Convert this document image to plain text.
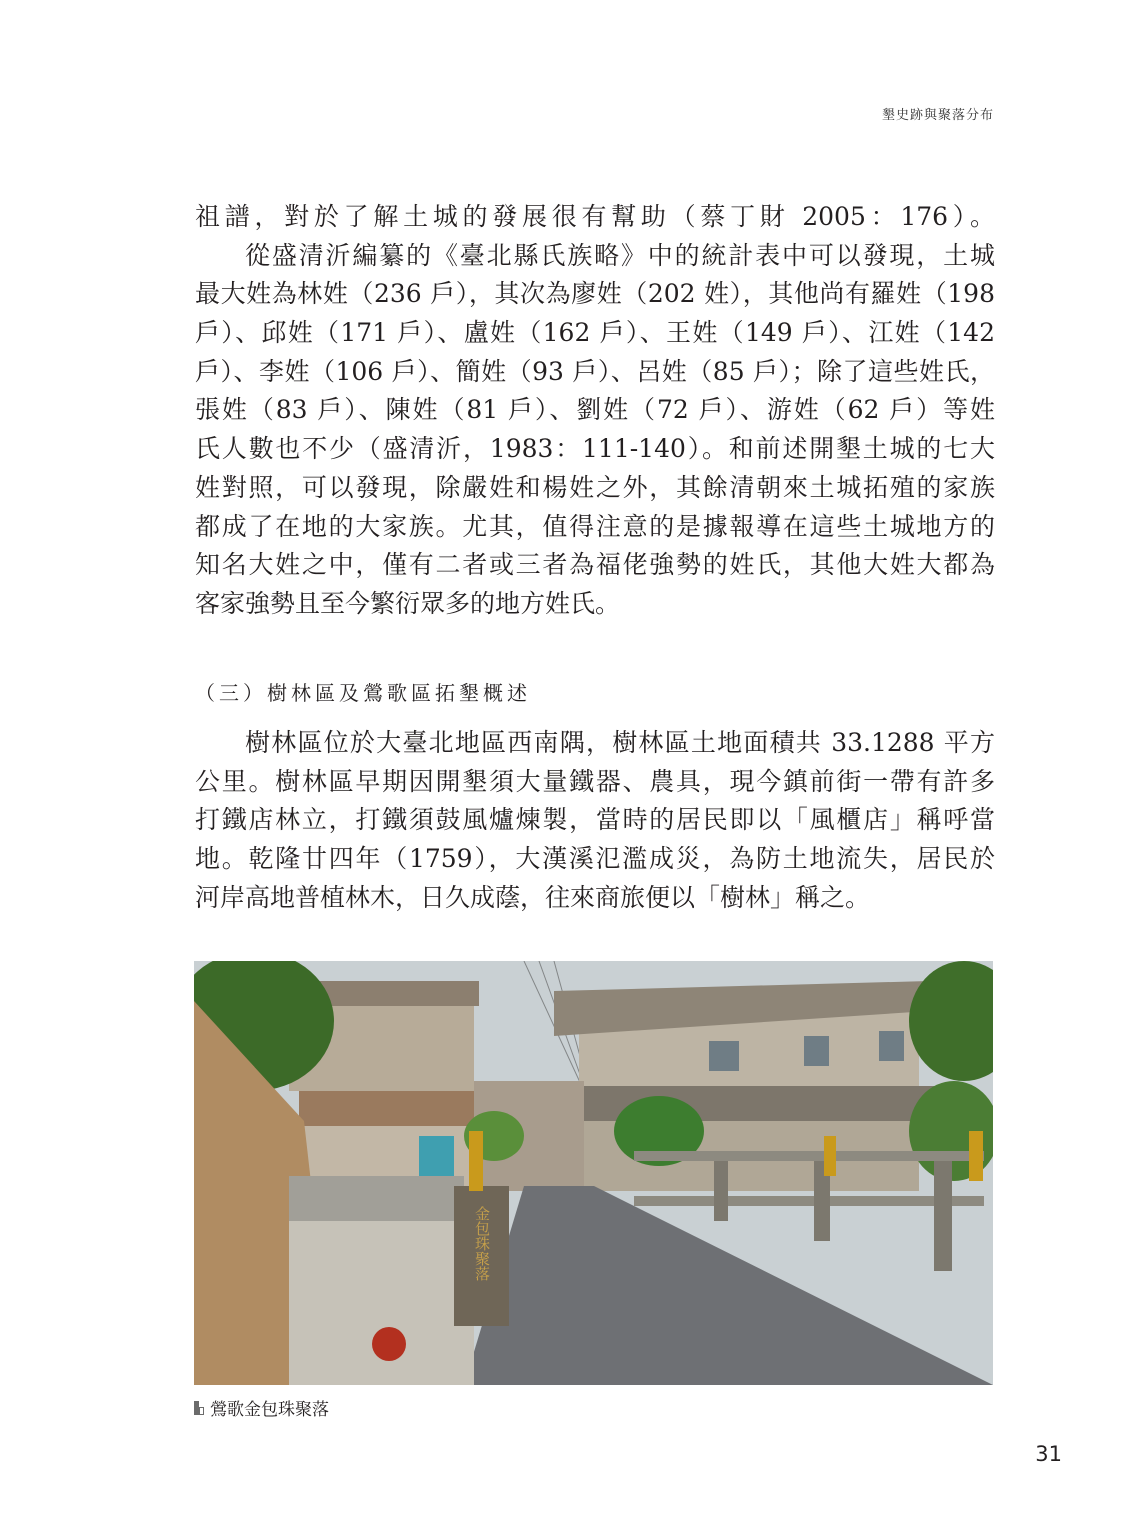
墾史跡與聚落分布
祖譜，對於了解土城的發展很有幫助（蔡丁財 2005：176）。
從盛清沂編纂的《臺北縣氏族略》中的統計表中可以發現，土城
最大姓為林姓（236 戶），其次為廖姓（202 姓），其他尚有羅姓（198
戶）、邱姓（171 戶）、盧姓（162 戶）、王姓（149 戶）、江姓（142
戶）、李姓（106 戶）、簡姓（93 戶）、呂姓（85 戶）；除了這些姓氏，
張姓（83 戶）、陳姓（81 戶）、劉姓（72 戶）、游姓（62 戶）等姓
氏人數也不少（盛清沂，1983：111-140）。和前述開墾土城的七大
姓對照，可以發現，除嚴姓和楊姓之外，其餘清朝來土城拓殖的家族
都成了在地的大家族。尤其，值得注意的是據報導在這些土城地方的
知名大姓之中，僅有二者或三者為福佬強勢的姓氏，其他大姓大都為
客家強勢且至今繁衍眾多的地方姓氏。
（三）樹林區及鶯歌區拓墾概述
樹林區位於大臺北地區西南隅，樹林區土地面積共 33.1288 平方
公里。樹林區早期因開墾須大量鐵器、農具，現今鎮前街一帶有許多
打鐵店林立，打鐵須鼓風爐煉製，當時的居民即以「風櫃店」稱呼當
地。乾隆廿四年（1759），大漢溪氾濫成災，為防土地流失，居民於
河岸高地普植林木，日久成蔭，往來商旅便以「樹林」稱之。
金包珠聚落
鶯歌金包珠聚落
31
